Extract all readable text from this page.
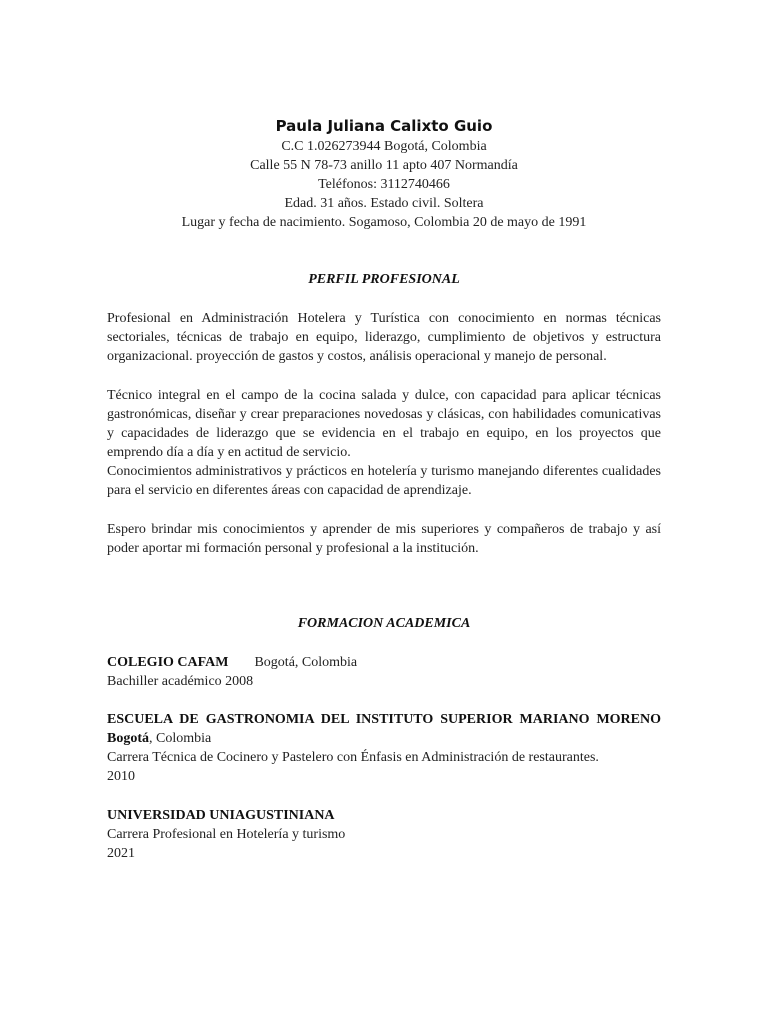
Paula Juliana Calixto Guio
C.C 1.026273944 Bogotá, Colombia
Calle 55 N 78-73 anillo 11 apto 407 Normandía
Teléfonos: 3112740466
Edad. 31 años. Estado civil. Soltera
Lugar y fecha de nacimiento. Sogamoso, Colombia 20 de mayo de 1991
PERFIL PROFESIONAL
Profesional en Administración Hotelera y Turística con conocimiento en normas técnicas sectoriales, técnicas de trabajo en equipo, liderazgo, cumplimiento de objetivos y estructura organizacional. proyección de gastos y costos, análisis operacional y manejo de personal.
Técnico integral en el campo de la cocina salada y dulce, con capacidad para aplicar técnicas gastronómicas, diseñar y crear preparaciones novedosas y clásicas, con habilidades comunicativas y capacidades de liderazgo que se evidencia en el trabajo en equipo, en los proyectos que emprendo día a día y en actitud de servicio.
Conocimientos administrativos y prácticos en hotelería y turismo manejando diferentes cualidades para el servicio en diferentes áreas con capacidad de aprendizaje.
Espero brindar mis conocimientos y aprender de mis superiores y compañeros de trabajo y así poder aportar mi formación personal y profesional a la institución.
FORMACION ACADEMICA
COLEGIO CAFAM Bogotá, Colombia
Bachiller académico 2008
ESCUELA DE GASTRONOMIA DEL INSTITUTO SUPERIOR MARIANO MORENO Bogotá, Colombia
Carrera Técnica de Cocinero y Pastelero con Énfasis en Administración de restaurantes.
2010
UNIVERSIDAD UNIAGUSTINIANA
Carrera Profesional en Hotelería y turismo
2021
